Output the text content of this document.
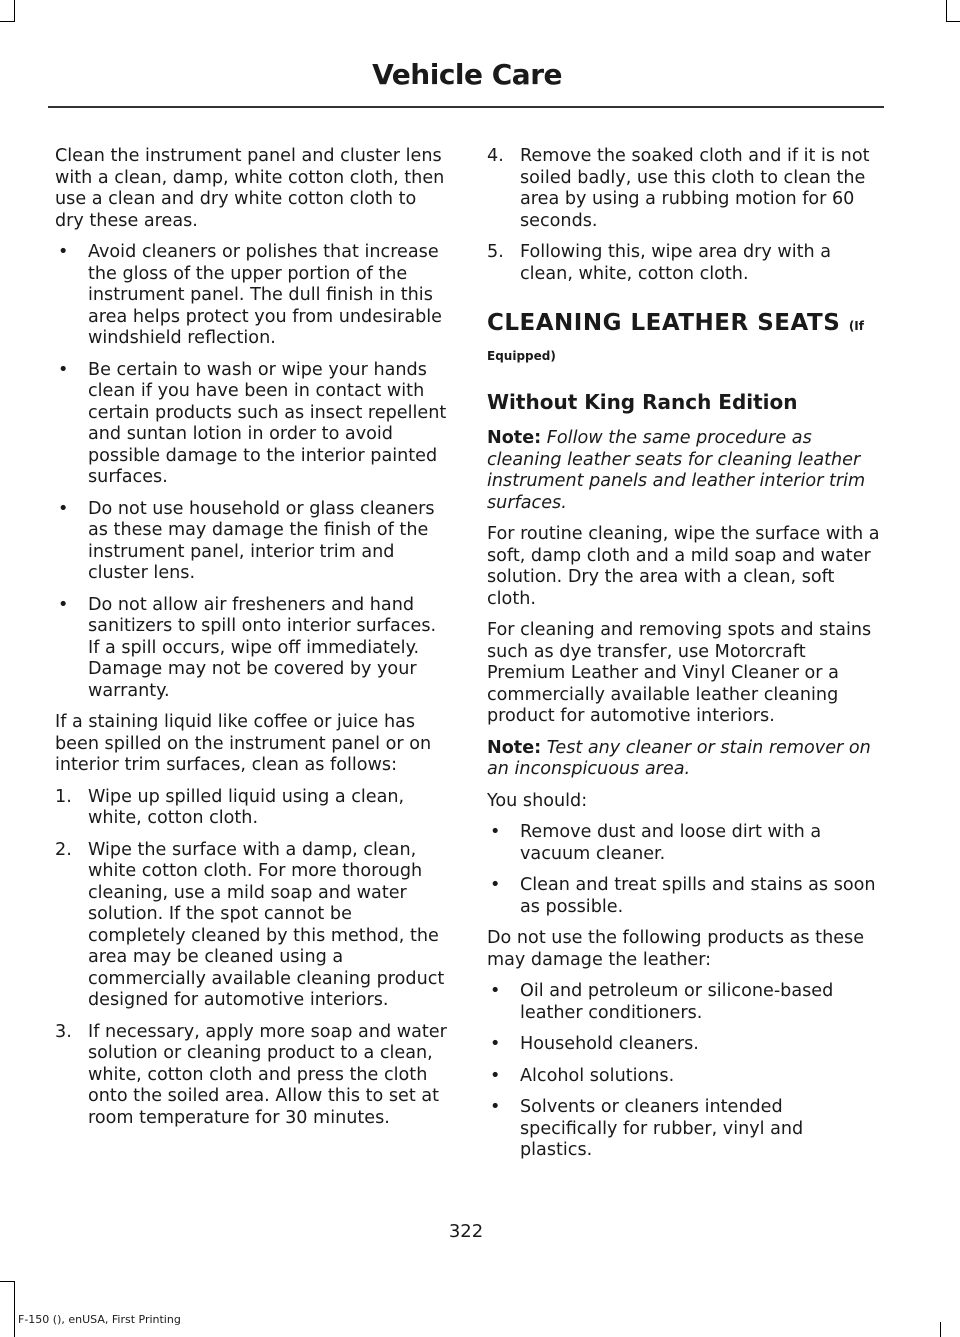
Vehicle Care

Clean the instrument panel and cluster lens with a clean, damp, white cotton cloth, then use a clean and dry white cotton cloth to dry these areas.

• Avoid cleaners or polishes that increase the gloss of the upper portion of the instrument panel. The dull finish in this area helps protect you from undesirable windshield reflection.
• Be certain to wash or wipe your hands clean if you have been in contact with certain products such as insect repellent and suntan lotion in order to avoid possible damage to the interior painted surfaces.
• Do not use household or glass cleaners as these may damage the finish of the instrument panel, interior trim and cluster lens.
• Do not allow air fresheners and hand sanitizers to spill onto interior surfaces. If a spill occurs, wipe off immediately. Damage may not be covered by your warranty.

If a staining liquid like coffee or juice has been spilled on the instrument panel or on interior trim surfaces, clean as follows:

1. Wipe up spilled liquid using a clean, white, cotton cloth.
2. Wipe the surface with a damp, clean, white cotton cloth. For more thorough cleaning, use a mild soap and water solution. If the spot cannot be completely cleaned by this method, the area may be cleaned using a commercially available cleaning product designed for automotive interiors.
3. If necessary, apply more soap and water solution or cleaning product to a clean, white, cotton cloth and press the cloth onto the soiled area. Allow this to set at room temperature for 30 minutes.
4. Remove the soaked cloth and if it is not soiled badly, use this cloth to clean the area by using a rubbing motion for 60 seconds.
5. Following this, wipe area dry with a clean, white, cotton cloth.
CLEANING LEATHER SEATS (If
Equipped)
Without King Ranch Edition

Note: Follow the same procedure as cleaning leather seats for cleaning leather instrument panels and leather interior trim surfaces.

For routine cleaning, wipe the surface with a soft, damp cloth and a mild soap and water solution. Dry the area with a clean, soft cloth.

For cleaning and removing spots and stains such as dye transfer, use Motorcraft Premium Leather and Vinyl Cleaner or a commercially available leather cleaning product for automotive interiors.

Note: Test any cleaner or stain remover on an inconspicuous area.

You should:

• Remove dust and loose dirt with a vacuum cleaner.
• Clean and treat spills and stains as soon as possible.

Do not use the following products as these may damage the leather:

• Oil and petroleum or silicone-based leather conditioners.
• Household cleaners.
• Alcohol solutions.
• Solvents or cleaners intended specifically for rubber, vinyl and plastics.
322
F-150 (), enUSA, First Printing
